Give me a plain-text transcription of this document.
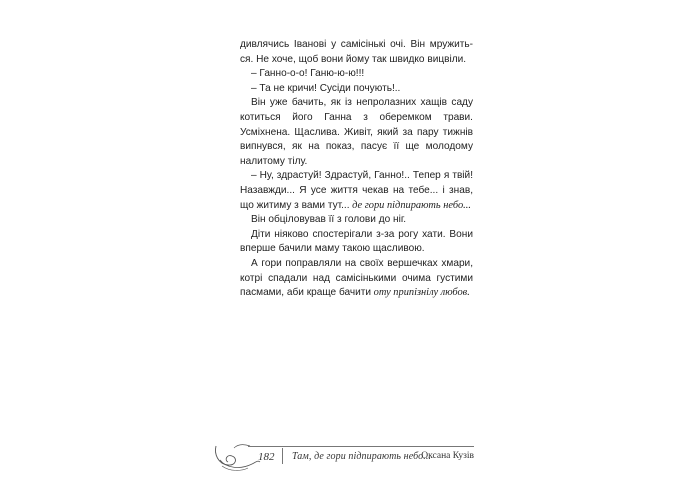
дивлячись Іванові у самісінькі очі. Він мружить-ся. Не хоче, щоб вони йому так швидко вицвіли.

– Ганно-о-о! Ганю-ю-ю!!!

– Та не кричи! Сусіди почують!..

Він уже бачить, як із непролазних хащів саду котиться його Ганна з оберемком трави. Усміхнена. Щаслива. Живіт, який за пару тижнів випнувся, як на показ, пасує її ще молодому налитому тілу.

– Ну, здрастуй! Здрастуй, Ганно!.. Тепер я твій! Назавжди... Я усе життя чекав на тебе... і знав, що житиму з вами тут... де гори підпирають небо...

Він обціловував її з голови до ніг.

Діти ніяково спостерігали з-за рогу хати. Вони вперше бачили маму такою щасливою.

А гори поправляли на своїх вершечках хмари, котрі спадали над самісінькими очима густими пасмами, аби краще бачити оту припізнілу любов.

182 Там, де гори підпирають небо...
Оксана Кузів
